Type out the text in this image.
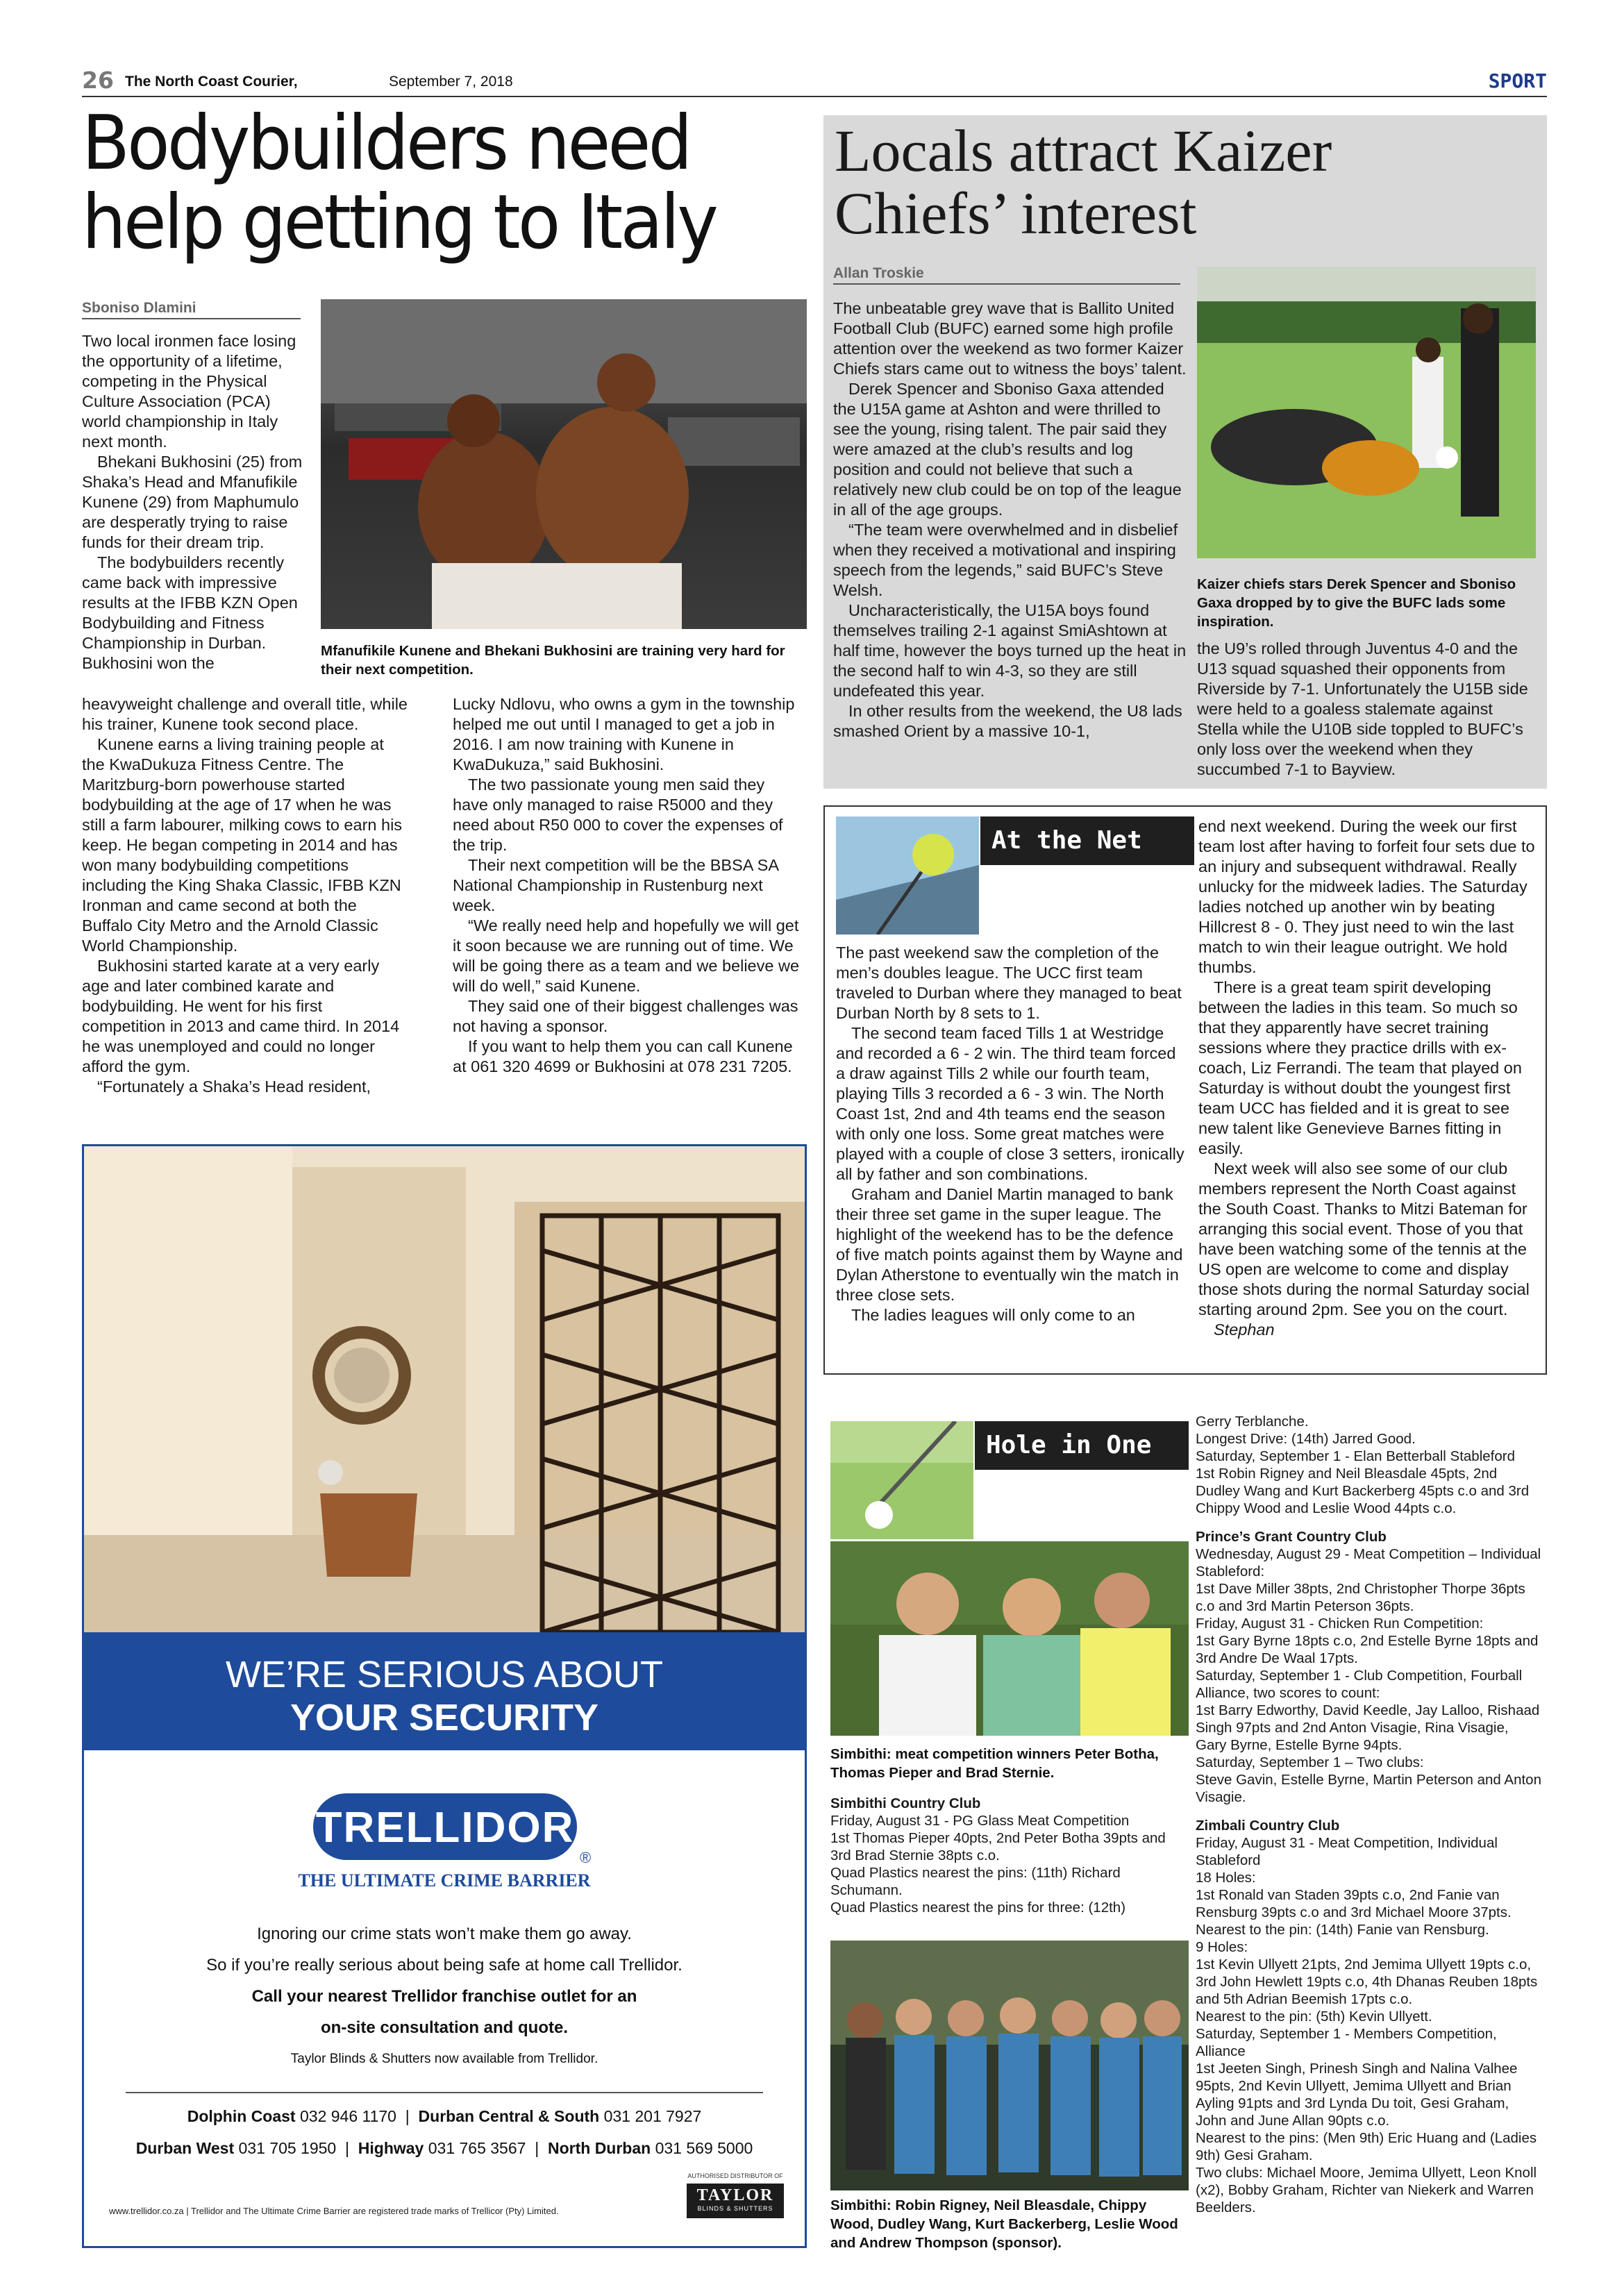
26 The North Coast Courier,	September 7, 2018	SPORT
Bodybuilders need
help getting to Italy
Sboniso Dlamini

Two local ironmen face losing the opportunity of a lifetime, competing in the Physical Culture Association (PCA) world championship in Italy next month.

Bhekani Bukhosini (25) from Shaka’s Head and Mfanufikile Kunene (29) from Maphumulo are desperatly trying to raise funds for their dream trip.

The bodybuilders recently came back with impressive results at the IFBB KZN Open Bodybuilding and Fitness Championship in Durban. Bukhosini won the

Mfanufikile Kunene and Bhekani Bukhosini are training very hard for their next competition.

heavyweight challenge and overall title, while his trainer, Kunene took second place.

Kunene earns a living training people at the KwaDukuza Fitness Centre. The Maritzburg-born powerhouse started bodybuilding at the age of 17 when he was still a farm labourer, milking cows to earn his keep. He began competing in 2014 and has won many bodybuilding competitions including the King Shaka Classic, IFBB KZN Ironman and came second at both the Buffalo City Metro and the Arnold Classic World Championship.

Bukhosini started karate at a very early age and later combined karate and bodybuilding. He went for his first competition in 2013 and came third. In 2014 he was unemployed and could no longer afford the gym.

“Fortunately a Shaka’s Head resident,

Lucky Ndlovu, who owns a gym in the township helped me out until I managed to get a job in 2016. I am now training with Kunene in KwaDukuza,” said Bukhosini.

The two passionate young men said they have only managed to raise R5000 and they need about R50 000 to cover the expenses of the trip.

Their next competition will be the BBSA SA National Championship in Rustenburg next week.

“We really need help and hopefully we will get it soon because we are running out of time. We will be going there as a team and we believe we will do well,” said Kunene.

They said one of their biggest challenges was not having a sponsor.

If you want to help them you can call Kunene at 061 320 4699 or Bukhosini at 078 231 7205.

Locals attract Kaizer
Chiefs’ interest
Allan Troskie

The unbeatable grey wave that is Ballito United Football Club (BUFC) earned some high profile attention over the weekend as two former Kaizer Chiefs stars came out to witness the boys’ talent.

Derek Spencer and Sboniso Gaxa attended the U15A game at Ashton and were thrilled to see the young, rising talent. The pair said they were amazed at the club’s results and log position and could not believe that such a relatively new club could be on top of the league in all of the age groups.

“The team were overwhelmed and in disbelief when they received a motivational and inspiring speech from the legends,” said BUFC’s Steve Welsh.

Uncharacteristically, the U15A boys found themselves trailing 2-1 against SmiAshtown at half time, however the boys turned up the heat in the second half to win 4-3, so they are still undefeated this year.

In other results from the weekend, the U8 lads smashed Orient by a massive 10-1,

Kaizer chiefs stars Derek Spencer and Sboniso Gaxa dropped by to give the BUFC lads some inspiration.

the U9’s rolled through Juventus 4-0 and the U13 squad squashed their opponents from Riverside by 7-1. Unfortunately the U15B side were held to a goaless stalemate against Stella while the U10B side toppled to BUFC’s only loss over the weekend when they succumbed 7-1 to Bayview.

At the Net

The past weekend saw the completion of the men’s doubles league. The UCC first team traveled to Durban where they managed to beat Durban North by 8 sets to 1.

The second team faced Tills 1 at Westridge and recorded a 6 - 2 win. The third team forced a draw against Tills 2 while our fourth team, playing Tills 3 recorded a 6 - 3 win. The North Coast 1st, 2nd and 4th teams end the season with only one loss. Some great matches were played with a couple of close 3 setters, ironically all by father and son combinations.

Graham and Daniel Martin managed to bank their three set game in the super league. The highlight of the weekend has to be the defence of five match points against them by Wayne and Dylan Atherstone to eventually win the match in three close sets.

The ladies leagues will only come to an

end next weekend. During the week our first team lost after having to forfeit four sets due to an injury and subsequent withdrawal. Really unlucky for the midweek ladies. The Saturday ladies notched up another win by beating Hillcrest 8 - 0. They just need to win the last match to win their league outright. We hold thumbs.

There is a great team spirit developing between the ladies in this team. So much so that they apparently have secret training sessions where they practice drills with ex-coach, Liz Ferrandi. The team that played on Saturday is without doubt the youngest first team UCC has fielded and it is great to see new talent like Genevieve Barnes fitting in easily.

Next week will also see some of our club members represent the North Coast against the South Coast. Thanks to Mitzi Bateman for arranging this social event. Those of you that have been watching some of the tennis at the US open are welcome to come and display those shots during the normal Saturday social starting around 2pm. See you on the court.

Stephan

Hole in One
Simbithi: meat competition winners Peter Botha, Thomas Pieper and Brad Sternie.

Simbithi Country Club

Friday, August 31 - PG Glass Meat Competition

1st Thomas Pieper 40pts, 2nd Peter Botha 39pts and 3rd Brad Sternie 38pts c.o.

Quad Plastics nearest the pins: (11th) Richard Schumann.

Quad Plastics nearest the pins for three: (12th)

Simbithi: Robin Rigney, Neil Bleasdale, Chippy Wood, Dudley Wang, Kurt Backerberg, Leslie Wood and Andrew Thompson (sponsor).

Gerry Terblanche.

Longest Drive: (14th) Jarred Good.

Saturday, September 1 - Elan Betterball Stableford

1st Robin Rigney and Neil Bleasdale 45pts, 2nd Dudley Wang and Kurt Backerberg 45pts c.o and 3rd Chippy Wood and Leslie Wood 44pts c.o.

Prince’s Grant Country Club

Wednesday, August 29 - Meat Competition – Individual Stableford:

1st Dave Miller 38pts, 2nd Christopher Thorpe 36pts c.o and 3rd Martin Peterson 36pts.

Friday, August 31 - Chicken Run Competition:

1st Gary Byrne 18pts c.o, 2nd Estelle Byrne 18pts and 3rd Andre De Waal 17pts.

Saturday, September 1 - Club Competition, Fourball Alliance, two scores to count:

1st Barry Edworthy, David Keedle, Jay Lalloo, Rishaad Singh 97pts and 2nd Anton Visagie, Rina Visagie, Gary Byrne, Estelle Byrne 94pts.

Saturday, September 1 – Two clubs:

Steve Gavin, Estelle Byrne, Martin Peterson and Anton Visagie.

Zimbali Country Club

Friday, August 31 - Meat Competition, Individual Stableford

18 Holes:

1st Ronald van Staden 39pts c.o, 2nd Fanie van Rensburg 39pts c.o and 3rd Michael Moore 37pts.

Nearest to the pin: (14th) Fanie van Rensburg.

9 Holes:

1st Kevin Ullyett 21pts, 2nd Jemima Ullyett 19pts c.o, 3rd John Hewlett 19pts c.o, 4th Dhanas Reuben 18pts and 5th Adrian Beemish 17pts c.o.

Nearest to the pin: (5th) Kevin Ullyett.

Saturday, September 1 - Members Competition, Alliance

1st Jeeten Singh, Prinesh Singh and Nalina Valhee 95pts, 2nd Kevin Ullyett, Jemima Ullyett and Brian Ayling 91pts and 3rd Lynda Du toit, Gesi Graham, John and June Allan 90pts c.o.

Nearest to the pins: (Men 9th) Eric Huang and (Ladies 9th) Gesi Graham.

Two clubs: Michael Moore, Jemima Ullyett, Leon Knoll (x2), Bobby Graham, Richter van Niekerk and Warren Beelders.

WE’RE SERIOUS ABOUT
YOUR SECURITY
TRELLIDOR
®
THE ULTIMATE CRIME BARRIER
Ignoring our crime stats won’t make them go away.
So if you’re really serious about being safe at home call Trellidor.
Call your nearest Trellidor franchise outlet for an
on-site consultation and quote.
Taylor Blinds & Shutters now available from Trellidor.
Dolphin Coast 032 946 1170  |  Durban Central & South 031 201 7927
Durban West 031 705 1950  |  Highway 031 765 3567  |  North Durban 031 569 5000
www.trellidor.co.za | Trellidor and The Ultimate Crime Barrier are registered trade marks of Trellicor (Pty) Limited.
AUTHORISED DISTRIBUTOR OF
TAYLOR
BLINDS & SHUTTERS
